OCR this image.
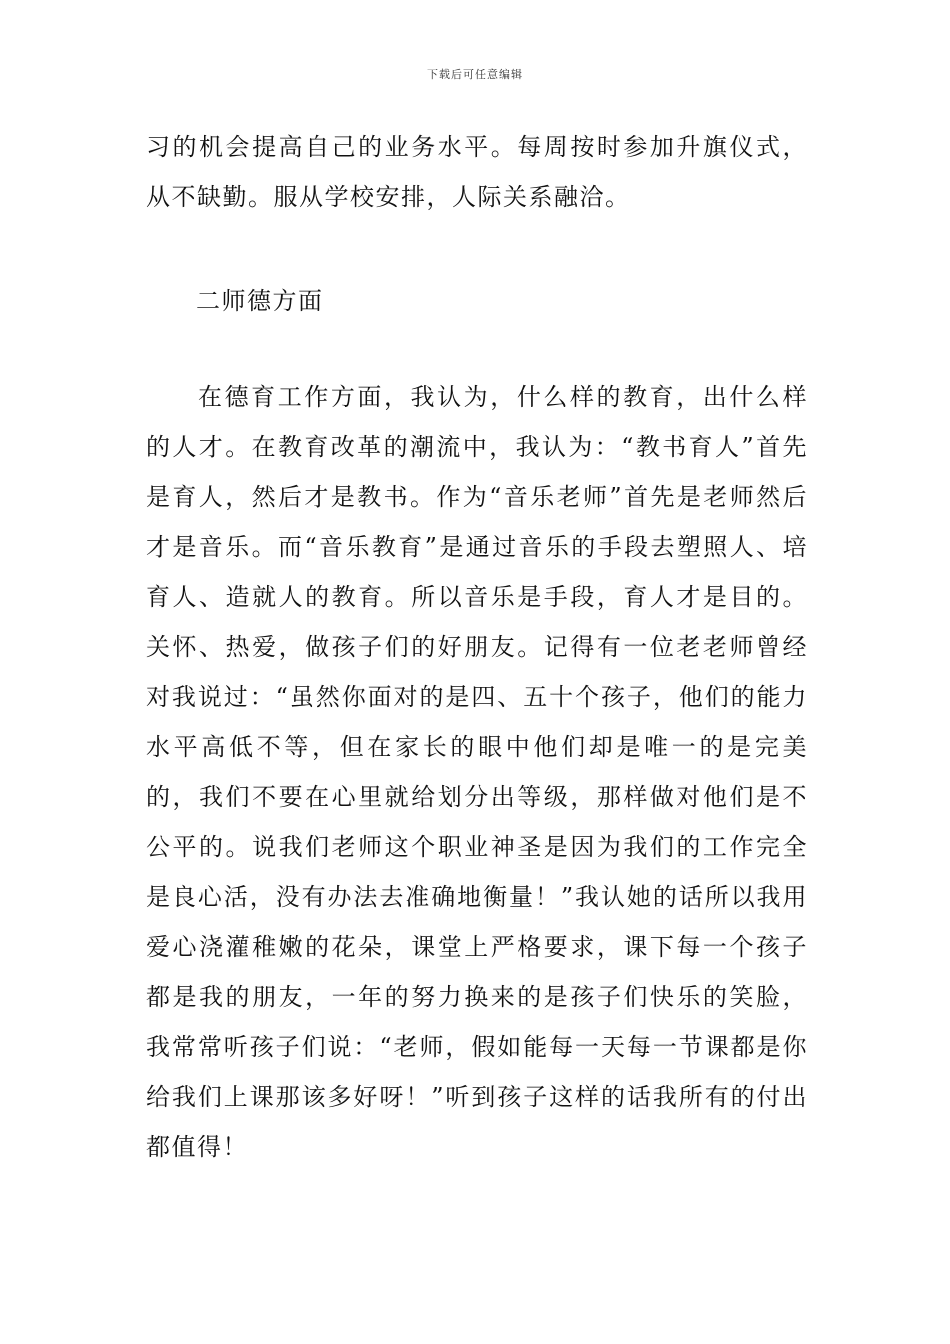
下载后可任意编辑

习的机会提高自己的业务水平。每周按时参加升旗仪式，从不缺勤。服从学校安排，人际关系融洽。

二师德方面

在德育工作方面，我认为，什么样的教育，出什么样的人才。在教育改革的潮流中，我认为：“教书育人”首先是育人，然后才是教书。作为“音乐老师”首先是老师然后才是音乐。而“音乐教育”是通过音乐的手段去塑照人、培育人、造就人的教育。所以音乐是手段，育人才是目的。关怀、热爱，做孩子们的好朋友。记得有一位老老师曾经对我说过：“虽然你面对的是四、五十个孩子，他们的能力水平高低不等，但在家长的眼中他们却是唯一的是完美的，我们不要在心里就给划分出等级，那样做对他们是不公平的。说我们老师这个职业神圣是因为我们的工作完全是良心活，没有办法去准确地衡量！”我认她的话所以我用爱心浇灌稚嫩的花朵，课堂上严格要求，课下每一个孩子都是我的朋友，一年的努力换来的是孩子们快乐的笑脸，我常常听孩子们说：“老师，假如能每一天每一节课都是你给我们上课那该多好呀！”听到孩子这样的话我所有的付出都值得！
